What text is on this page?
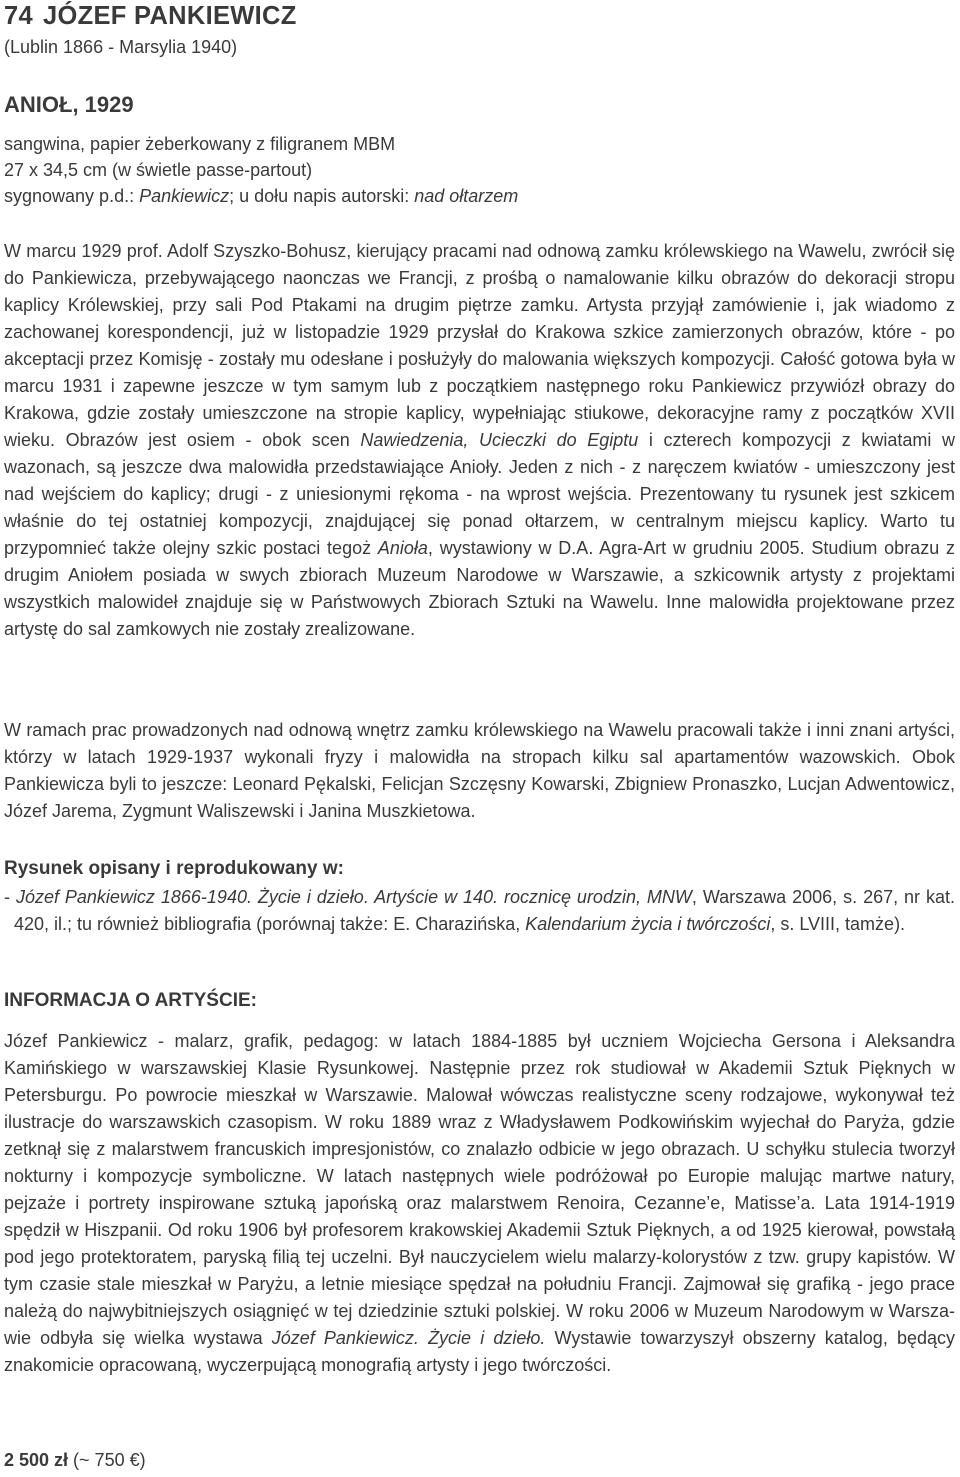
74 JÓZEF PANKIEWICZ
(Lublin 1866 - Marsylia 1940)
ANIOŁ, 1929
sangwina, papier żeberkowany z filigranem MBM
27 x 34,5 cm (w świetle passe-partout)
sygnowany p.d.: Pankiewicz; u dołu napis autorski: nad ołtarzem

W marcu 1929 prof. Adolf Szyszko-Bohusz, kierujący pracami nad odnową zamku królewskiego na Wawelu, zwrócił się do Pankiewicza, przebywającego naonczas we Francji, z prośbą o namalowanie kilku obrazów do dekoracji stropu kaplicy Królewskiej, przy sali Pod Ptakami na drugim piętrze zamku. Artysta przyjął zamówienie i, jak wiadomo z zachowanej korespondencji, już w listopadzie 1929 przysłał do Krakowa szkice zamierzonych obrazów, które - po akceptacji przez Komisję - zostały mu odesłane i posłużyły do malowania większych kompozycji. Całość gotowa była w marcu 1931 i zapewne jeszcze w tym samym lub z początkiem następnego roku Pankiewicz przywiózł obrazy do Krakowa, gdzie zostały umieszczone na stropie kaplicy, wypełniając stiukowe, dekoracyjne ramy z początków XVII wieku. Obrazów jest osiem - obok scen Nawiedzenia, Ucieczki do Egiptu i czterech kompozycji z kwiatami w wazonach, są jeszcze dwa malowidła przedstawiające Anioły. Jeden z nich - z naręczem kwiatów - umieszczony jest nad wejściem do kaplicy; drugi - z uniesionymi rękoma - na wprost wejścia. Prezentowany tu rysunek jest szkicem właśnie do tej ostatniej kompozycji, znajdującej się ponad ołtarzem, w centralnym miejscu kaplicy. Warto tu przypomnieć także olejny szkic postaci tegoż Anioła, wystawiony w D.A. Agra-Art w grudniu 2005. Studium obrazu z drugim Aniołem posiada w swych zbiorach Muzeum Narodowe w Warszawie, a szkicownik artysty z projektami wszystkich malowideł znajduje się w Państwowych Zbiorach Sztuki na Wawelu. Inne malowidła projektowane przez artystę do sal zamkowych nie zostały zrealizowane.

W ramach prac prowadzonych nad odnową wnętrz zamku królewskiego na Wawelu pracowali także i inni znani artyści, którzy w latach 1929-1937 wykonali fryzy i malowidła na stropach kilku sal apartamentów wazowskich. Obok Pankiewicza byli to jeszcze: Leonard Pękalski, Felicjan Szczęsny Kowarski, Zbigniew Pronaszko, Lucjan Adwentowicz, Józef Jarema, Zygmunt Waliszewski i Janina Muszkietowa.

Rysunek opisany i reprodukowany w:

- Józef Pankiewicz 1866-1940. Życie i dzieło. Artyście w 140. rocznicę urodzin, MNW, Warszawa 2006, s. 267, nr kat. 420, il.; tu również bibliografia (porównaj także: E. Charazińska, Kalendarium życia i twórczości, s. LVIII, tamże).

INFORMACJA O ARTYŚCIE:

Józef Pankiewicz - malarz, grafik, pedagog: w latach 1884-1885 był uczniem Wojciecha Gersona i Aleksandra Kamińskiego w warszawskiej Klasie Rysunkowej. Następnie przez rok studiował w Akademii Sztuk Pięknych w Petersburgu. Po powrocie mieszkał w Warszawie. Malował wówczas realistyczne sceny rodzajowe, wykonywał też ilustracje do warszawskich czasopism. W roku 1889 wraz z Władysławem Podkowińskim wyjechał do Paryża, gdzie zetknął się z malarstwem francuskich impresjonistów, co znalazło odbicie w jego obrazach. U schyłku stulecia tworzył nokturny i kompozycje symboliczne. W latach następnych wiele podróżował po Europie malując martwe natury, pejzaże i portrety inspirowane sztuką japońską oraz malarstwem Renoira, Cezanne’e, Matisse’a. Lata 1914-1919 spędził w Hiszpanii. Od roku 1906 był profesorem krakowskiej Akademii Sztuk Pięknych, a od 1925 kierował, powstałą pod jego protektoratem, paryską filią tej uczelni. Był nauczycielem wielu malarzy-kolorystów z tzw. grupy kapistów. W tym czasie stale mieszkał w Paryżu, a letnie miesiące spędzał na południu Francji. Zajmował się grafiką - jego prace należą do najwybitniejszych osiągnięć w tej dziedzinie sztuki polskiej. W roku 2006 w Muzeum Narodowym w Warszawie odbyła się wielka wystawa Józef Pankiewicz. Życie i dzieło. Wystawie towarzyszył obszerny katalog, będący znakomicie opracowaną, wyczerpującą monografią artysty i jego twórczości.

2 500 zł (~ 750 €)
